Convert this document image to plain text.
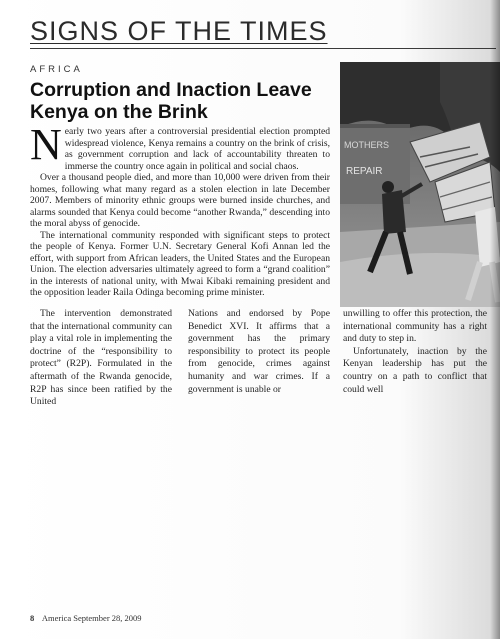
SIGNS OF THE TIMES
AFRICA
Corruption and Inaction Leave Kenya on the Brink
MOTHERS
REPAIR
N early two years after a controversial presidential election prompted widespread violence, Kenya remains a country on the brink of crisis, as government corruption and lack of accountability threaten to immerse the country once again in political and social chaos.

Over a thousand people died, and more than 10,000 were driven from their homes, following what many regard as a stolen election in late December 2007. Members of minority ethnic groups were burned inside churches, and alarms sounded that Kenya could become “another Rwanda,” descending into the moral abyss of genocide.

The international community responded with significant steps to protect the people of Kenya. Former U.N. Secretary General Kofi Annan led the effort, with support from African leaders, the United States and the European Union. The election adversaries ultimately agreed to form a “grand coalition” in the interests of national unity, with Mwai Kibaki remaining president and the opposition leader Raila Odinga becoming prime minister.

The intervention demonstrated that the international community can play a vital role in implementing the doctrine of the “responsibility to protect” (R2P). Formulated in the aftermath of the Rwanda genocide, R2P has since been ratified by the United

Nations and endorsed by Pope Benedict XVI. It affirms that a government has the primary responsibility to protect its people from genocide, crimes against humanity and war crimes. If a government is unable or

unwilling to offer this protection, the international community has a right and duty to step in.

Unfortunately, inaction by the Kenyan leadership has put the country on a path to conflict that could well

8 America September 28, 2009
